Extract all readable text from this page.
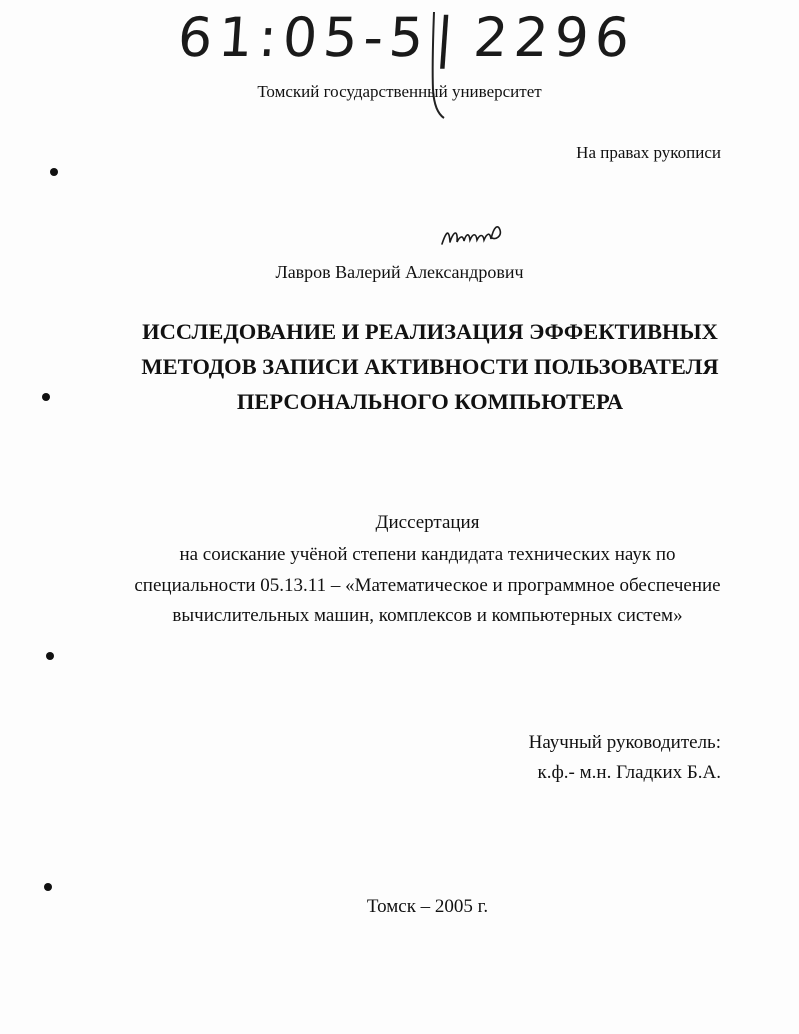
61:05-5| 2296
Томский государственный университет
На правах рукописи
Лавров Валерий Александрович
ИССЛЕДОВАНИЕ И РЕАЛИЗАЦИЯ ЭФФЕКТИВНЫХ
МЕТОДОВ ЗАПИСИ АКТИВНОСТИ ПОЛЬЗОВАТЕЛЯ
ПЕРСОНАЛЬНОГО КОМПЬЮТЕРА
Диссертация
на соискание учёной степени кандидата технических наук по
специальности 05.13.11 – «Математическое и программное обеспечение
вычислительных машин, комплексов и компьютерных систем»
Научный руководитель:
к.ф.- м.н. Гладких Б.А.
Томск – 2005 г.
